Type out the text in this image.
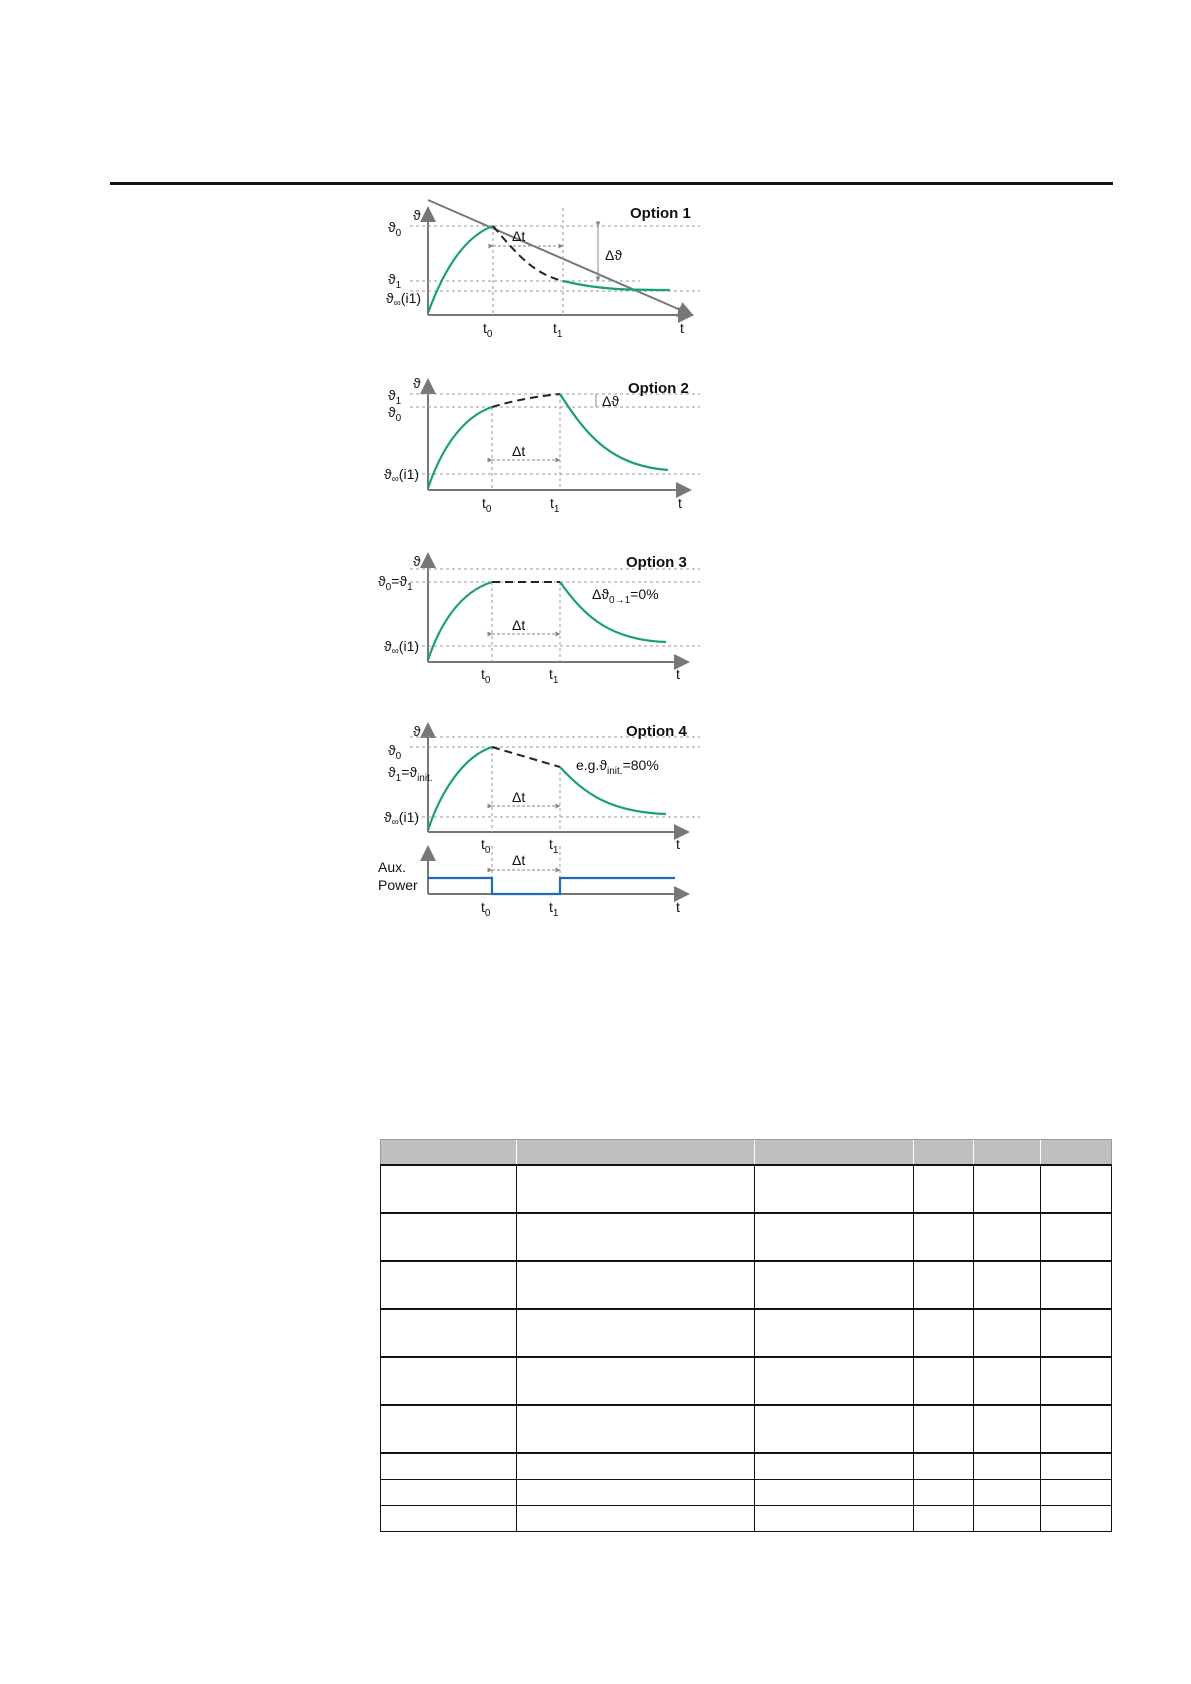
Option 1
ϑ
$ϑ_0$
$ϑ_1$
$ϑ_\infty(i1)$
Δt
Δϑ
$t_0$	$t_1$	t
Option 2
ϑ
$ϑ_1$
$ϑ_0$
$ϑ_\infty(i1)$
Δt
Δϑ
$t_0$	$t_1$	t
Option 3
ϑ
$ϑ_0=ϑ_1$
$ϑ_\infty(i1)$
Δt
$\Delta ϑ_{0\to 1}=0\%$
$t_0$	$t_1$	t
Option 4
ϑ
$ϑ_0$
$ϑ_1=ϑ_{init.}$
$ϑ_\infty(i1)$
Δt
$e.g.ϑ_{init.}=80\%$
$t_0$	$t_1$	t
Δt
Aux.
Power
$t_0$	$t_1$	t
